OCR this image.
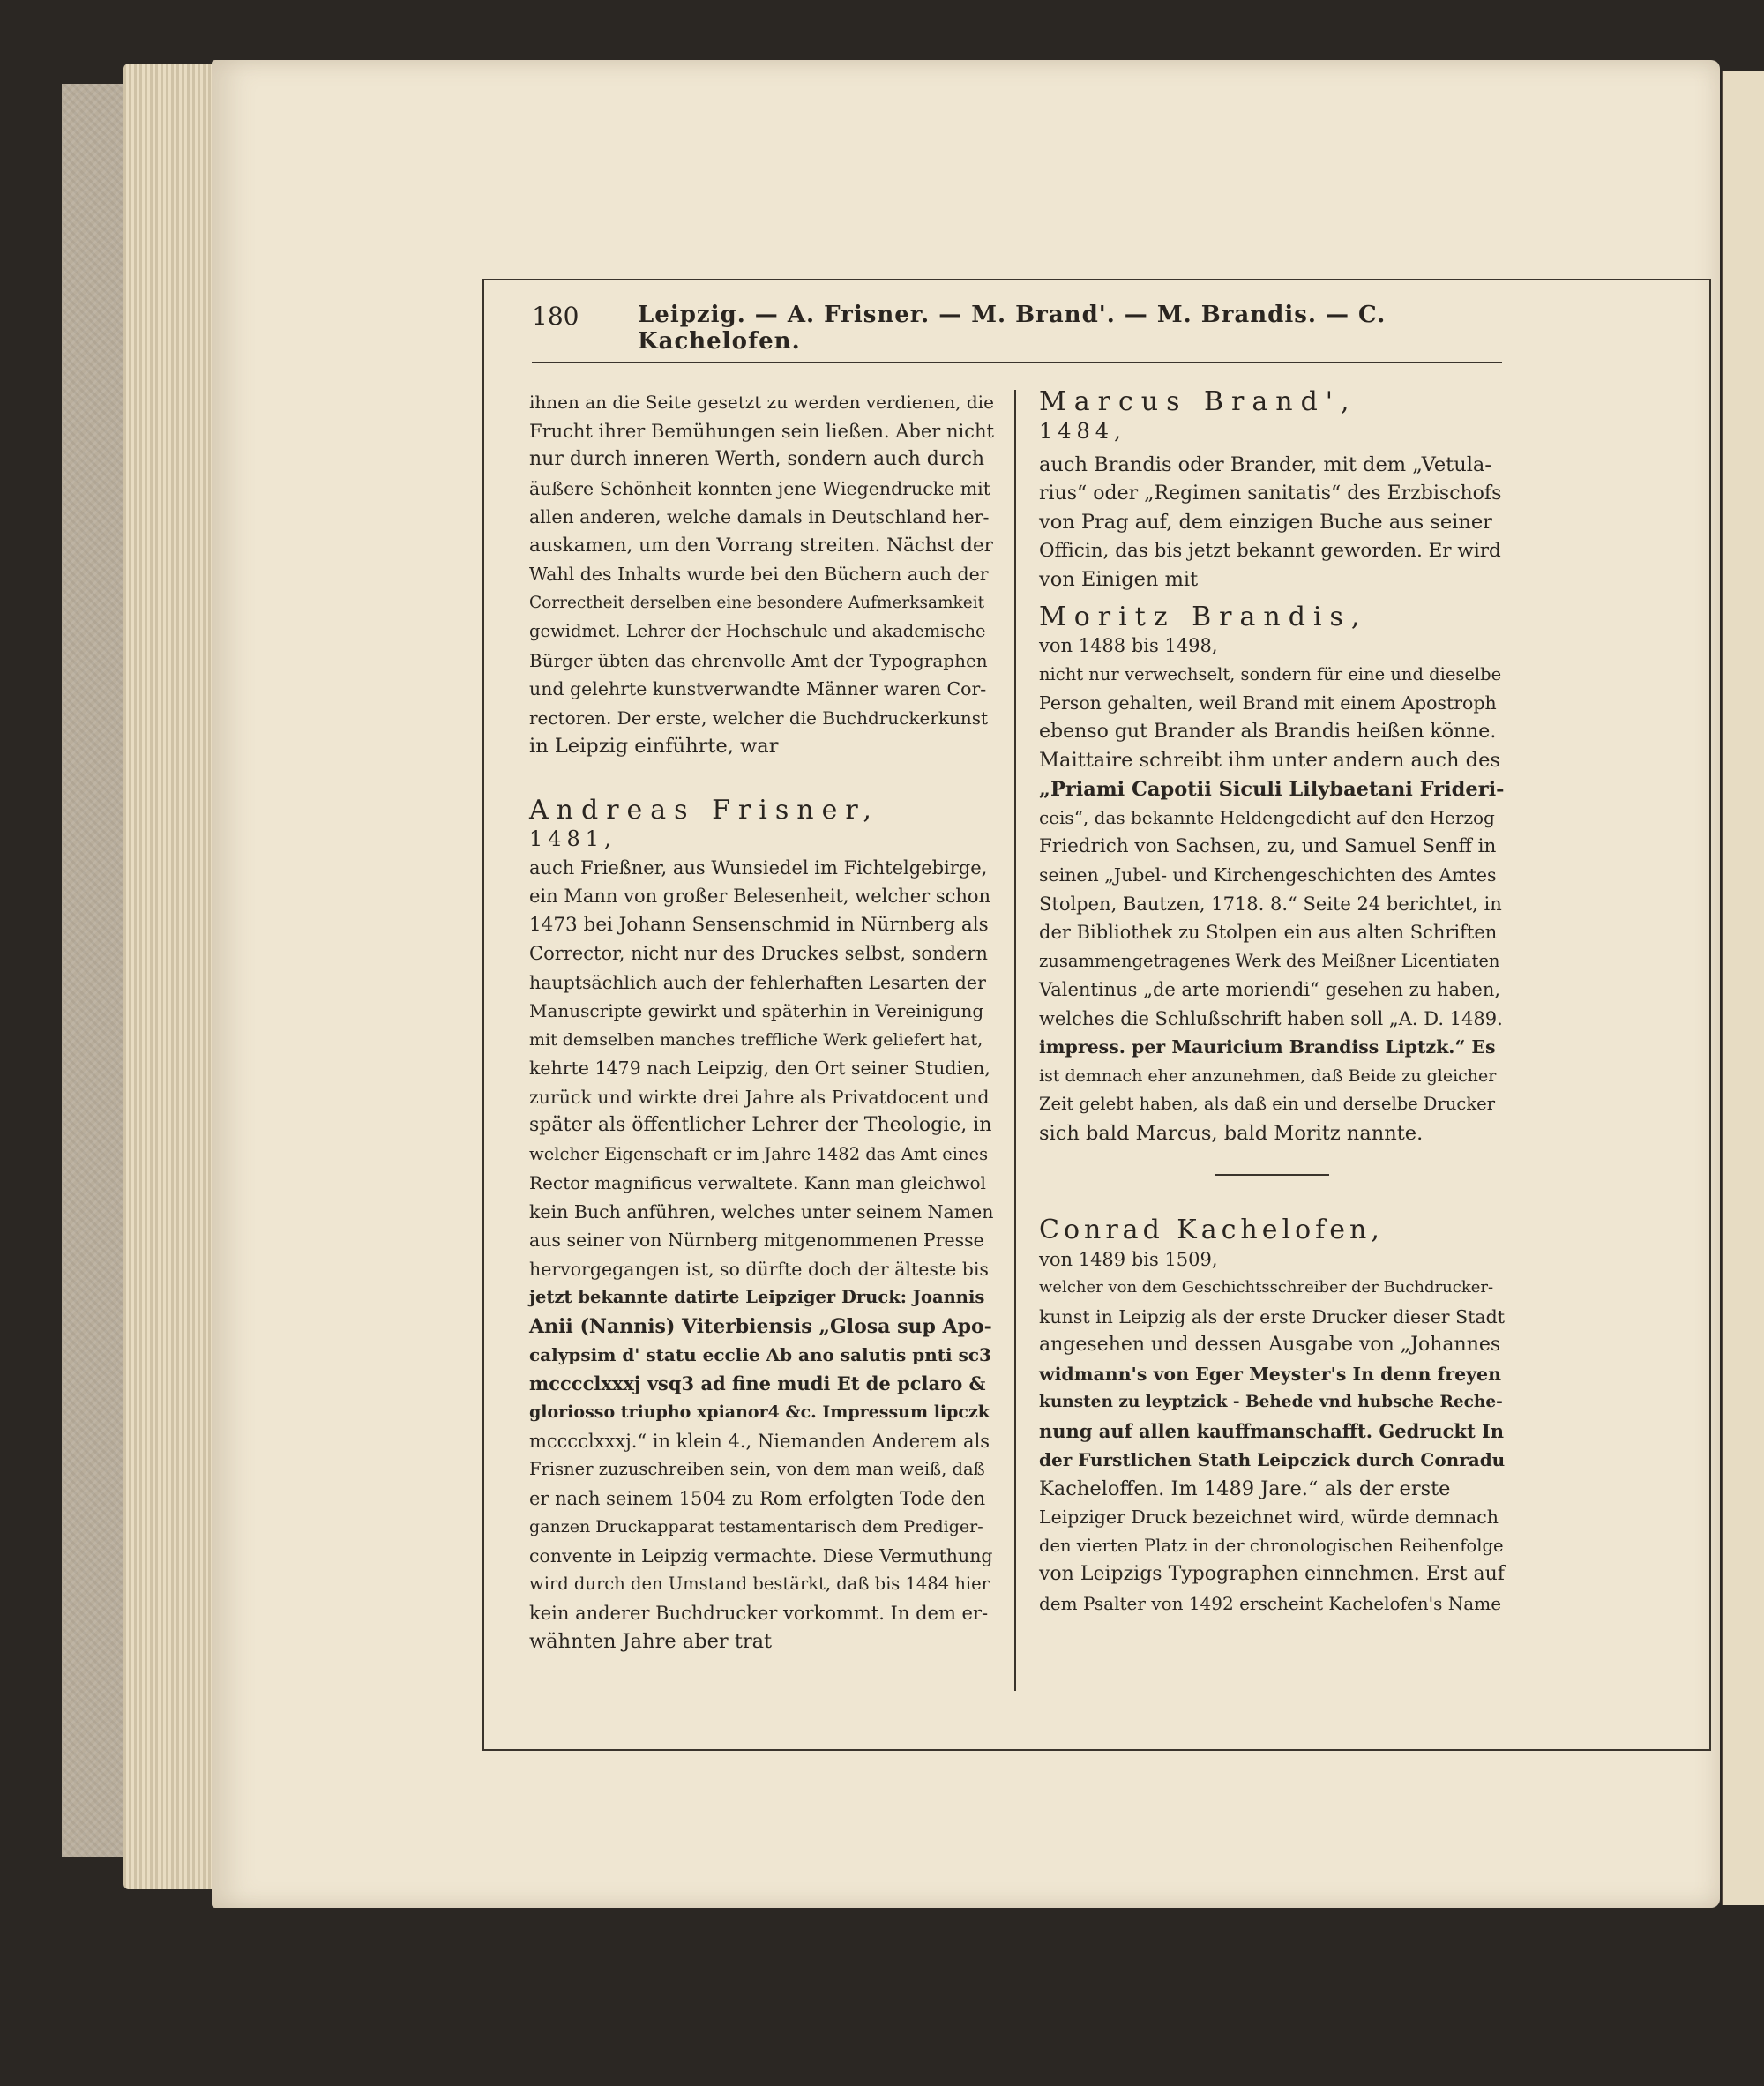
180	Leipzig. — A. Frisner. — M. Brand'. — M. Brandis. — C. Kachelofen.
ihnen an die Seite gesetzt zu werden verdienen, die
Frucht ihrer Bemühungen sein ließen. Aber nicht
nur durch inneren Werth, sondern auch durch
äußere Schönheit konnten jene Wiegendrucke mit
allen anderen, welche damals in Deutschland her-
auskamen, um den Vorrang streiten. Nächst der
Wahl des Inhalts wurde bei den Büchern auch der
Correctheit derselben eine besondere Aufmerksamkeit
gewidmet. Lehrer der Hochschule und akademische
Bürger übten das ehrenvolle Amt der Typographen
und gelehrte kunstverwandte Männer waren Cor-
rectoren. Der erste, welcher die Buchdruckerkunst
in Leipzig einführte, war

Andreas Frisner,

1481,

auch Frießner, aus Wunsiedel im Fichtelgebirge,
ein Mann von großer Belesenheit, welcher schon
1473 bei Johann Sensenschmid in Nürnberg als
Corrector, nicht nur des Druckes selbst, sondern
hauptsächlich auch der fehlerhaften Lesarten der
Manuscripte gewirkt und späterhin in Vereinigung
mit demselben manches treffliche Werk geliefert hat,
kehrte 1479 nach Leipzig, den Ort seiner Studien,
zurück und wirkte drei Jahre als Privatdocent und
später als öffentlicher Lehrer der Theologie, in
welcher Eigenschaft er im Jahre 1482 das Amt eines
Rector magnificus verwaltete. Kann man gleichwol
kein Buch anführen, welches unter seinem Namen
aus seiner von Nürnberg mitgenommenen Presse
hervorgegangen ist, so dürfte doch der älteste bis
jetzt bekannte datirte Leipziger Druck: Joannis
Anii (Nannis) Viterbiensis „Glosa sup Apo-
calypsim d' statu ecclie Ab ano salutis pnti sc3
mcccclxxxj vsq3 ad fine mudi Et de pclaro &
gloriosso triupho xpianor4 &c. Impressum lipczk
mcccclxxxj.“ in klein 4., Niemanden Anderem als
Frisner zuzuschreiben sein, von dem man weiß, daß
er nach seinem 1504 zu Rom erfolgten Tode den
ganzen Druckapparat testamentarisch dem Prediger-
convente in Leipzig vermachte. Diese Vermuthung
wird durch den Umstand bestärkt, daß bis 1484 hier
kein anderer Buchdrucker vorkommt. In dem er-
wähnten Jahre aber trat

Marcus Brand',

1484,

auch Brandis oder Brander, mit dem „Vetula-
rius“ oder „Regimen sanitatis“ des Erzbischofs
von Prag auf, dem einzigen Buche aus seiner
Officin, das bis jetzt bekannt geworden. Er wird
von Einigen mit

Moritz Brandis,

von 1488 bis 1498,

nicht nur verwechselt, sondern für eine und dieselbe
Person gehalten, weil Brand mit einem Apostroph
ebenso gut Brander als Brandis heißen könne.
Maittaire schreibt ihm unter andern auch des
„Priami Capotii Siculi Lilybaetani Frideri-
ceis“, das bekannte Heldengedicht auf den Herzog
Friedrich von Sachsen, zu, und Samuel Senff in
seinen „Jubel- und Kirchengeschichten des Amtes
Stolpen, Bautzen, 1718. 8.“ Seite 24 berichtet, in
der Bibliothek zu Stolpen ein aus alten Schriften
zusammengetragenes Werk des Meißner Licentiaten
Valentinus „de arte moriendi“ gesehen zu haben,
welches die Schlußschrift haben soll „A. D. 1489.
impress. per Mauricium Brandiss Liptzk.“ Es
ist demnach eher anzunehmen, daß Beide zu gleicher
Zeit gelebt haben, als daß ein und derselbe Drucker
sich bald Marcus, bald Moritz nannte.

Conrad Kachelofen,

von 1489 bis 1509,

welcher von dem Geschichtsschreiber der Buchdrucker-
kunst in Leipzig als der erste Drucker dieser Stadt
angesehen und dessen Ausgabe von „Johannes
widmann's von Eger Meyster's In denn freyen
kunsten zu leyptzick - Behede vnd hubsche Reche-
nung auf allen kauffmanschafft. Gedruckt In
der Furstlichen Stath Leipczick durch Conradu
Kacheloffen. Im 1489 Jare.“ als der erste
Leipziger Druck bezeichnet wird, würde demnach
den vierten Platz in der chronologischen Reihenfolge
von Leipzigs Typographen einnehmen. Erst auf
dem Psalter von 1492 erscheint Kachelofen's Name
